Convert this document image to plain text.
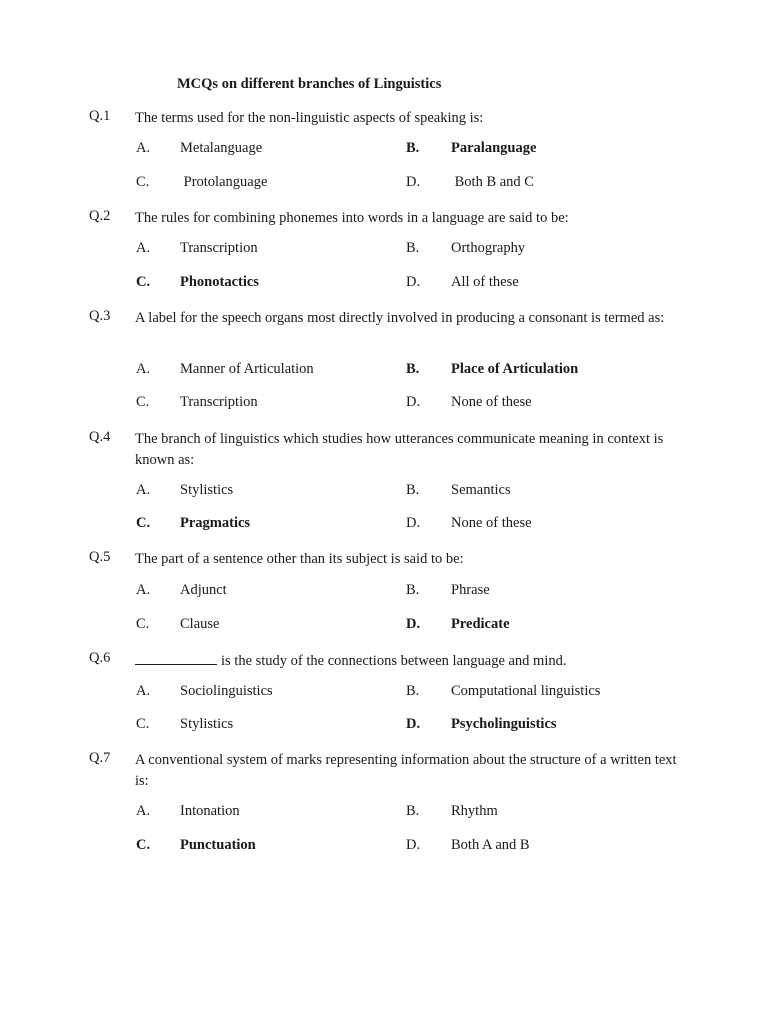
MCQs on different branches of Linguistics
Q.1 The terms used for the non-linguistic aspects of speaking is:
A. Metalanguage	B. Paralanguage
C. Protolanguage	D. Both B and C
Q.2 The rules for combining phonemes into words in a language are said to be:
A. Transcription	B. Orthography
C. Phonotactics	D. All of these
Q.3 A label for the speech organs most directly involved in producing a consonant is termed as:
A. Manner of Articulation	B. Place of Articulation
C. Transcription	D. None of these
Q.4 The branch of linguistics which studies how utterances communicate meaning in context is known as:
A. Stylistics	B. Semantics
C. Pragmatics	D. None of these
Q.5 The part of a sentence other than its subject is said to be:
A. Adjunct	B. Phrase
C. Clause	D. Predicate
Q.6	is the study of the connections between language and mind.
A. Sociolinguistics	B. Computational linguistics
C. Stylistics	D. Psycholinguistics
Q.7 A conventional system of marks representing information about the structure of a written text is:
A. Intonation	B. Rhythm
C. Punctuation	D. Both A and B
